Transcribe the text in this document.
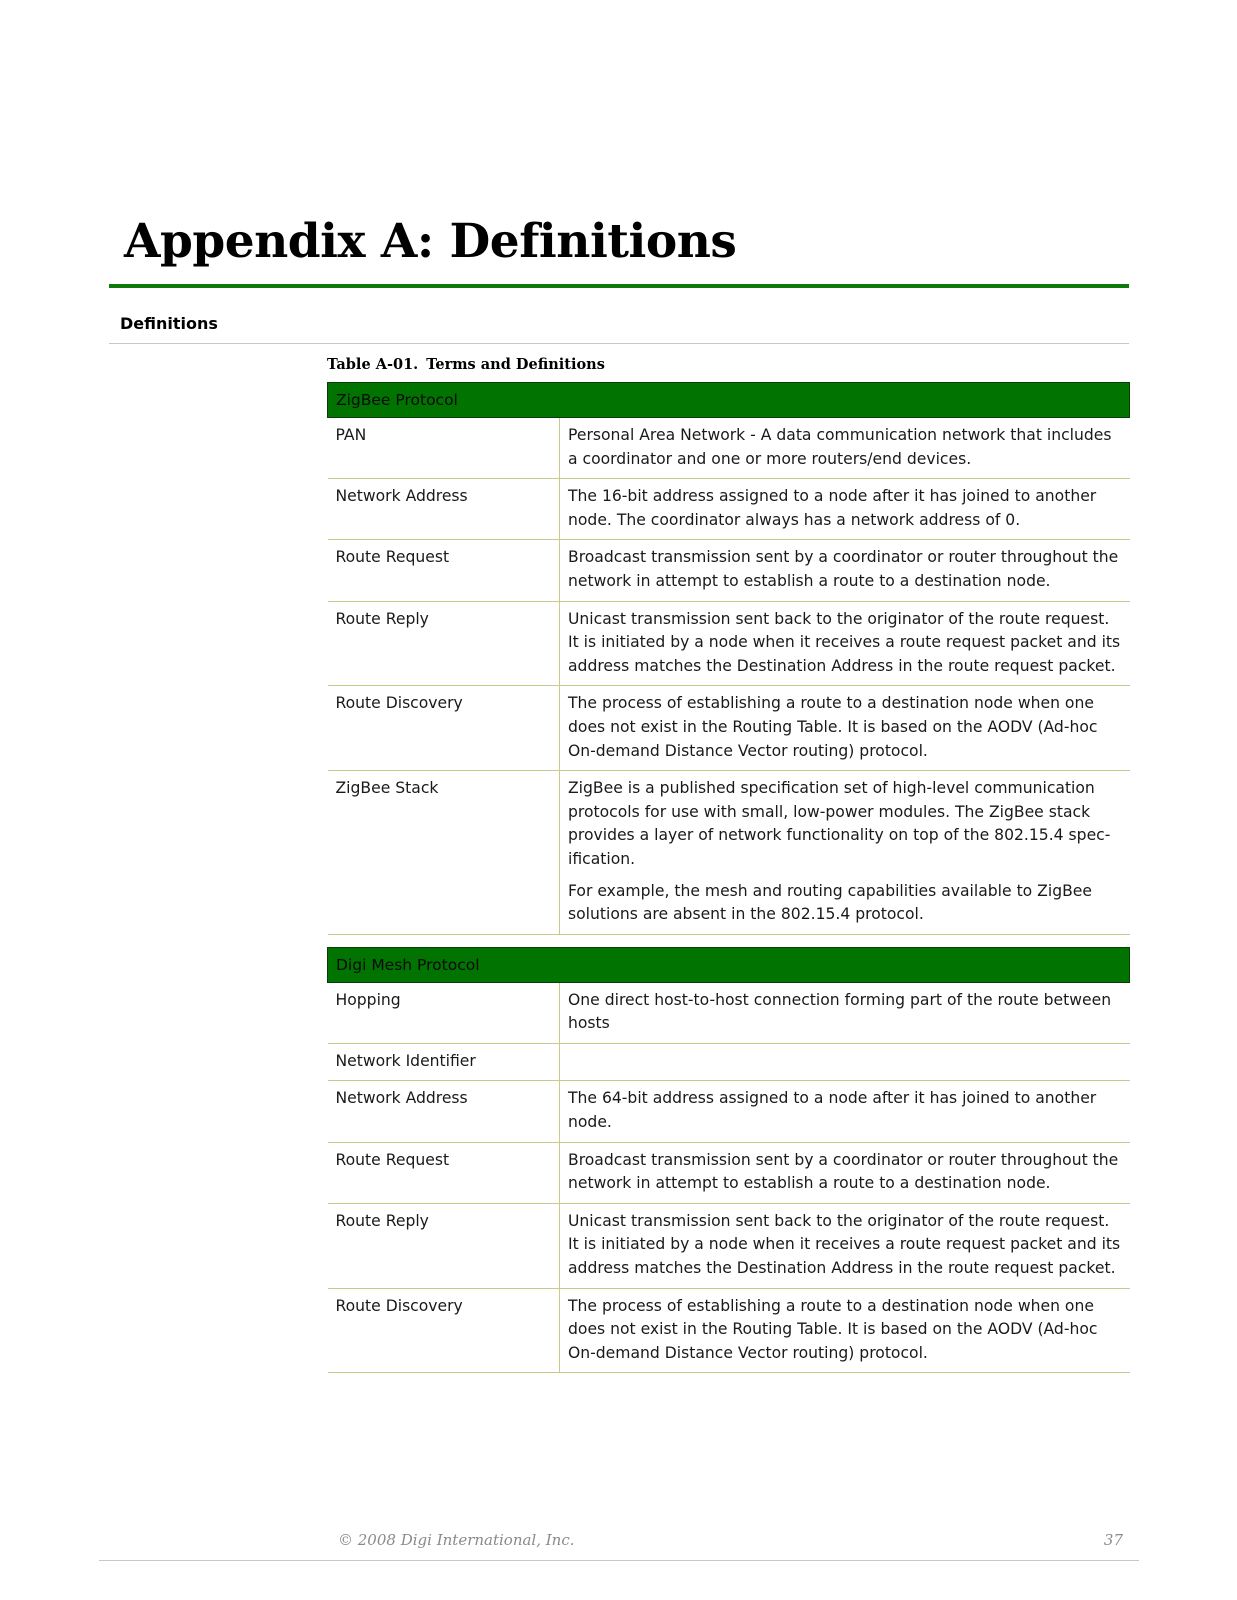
Appendix A: Definitions
Definitions

Table A-01. Terms and Definitions

ZigBee Protocol	
PAN	Personal Area Network - A data communication network that includes a coordinator and one or more routers/end devices.

Network Address	The 16-bit address assigned to a node after it has joined to another node. The coordinator always has a network address of 0.

Route Request	Broadcast transmission sent by a coordinator or router throughout the network in attempt to establish a route to a destination node.

Route Reply	Unicast transmission sent back to the originator of the route request. It is initiated by a node when it receives a route request packet and its address matches the Destination Address in the route request packet.

Route Discovery	The process of establishing a route to a destination node when one does not exist in the Routing Table. It is based on the AODV (Ad-hoc On-demand Distance Vector routing) protocol.

ZigBee Stack	ZigBee is a published specification set of high-level communication protocols for use with small, low-power modules. The ZigBee stack provides a layer of network functionality on top of the 802.15.4 spec-ification.

For example, the mesh and routing capabilities available to ZigBee solutions are absent in the 802.15.4 protocol.

Digi Mesh Protocol	
Hopping	One direct host-to-host connection forming part of the route between hosts

Network Identifier	

Network Address	The 64-bit address assigned to a node after it has joined to another node.

Route Request	Broadcast transmission sent by a coordinator or router throughout the network in attempt to establish a route to a destination node.

Route Reply	Unicast transmission sent back to the originator of the route request. It is initiated by a node when it receives a route request packet and its address matches the Destination Address in the route request packet.

Route Discovery	The process of establishing a route to a destination node when one does not exist in the Routing Table. It is based on the AODV (Ad-hoc On-demand Distance Vector routing) protocol.

© 2008 Digi International, Inc.	37
